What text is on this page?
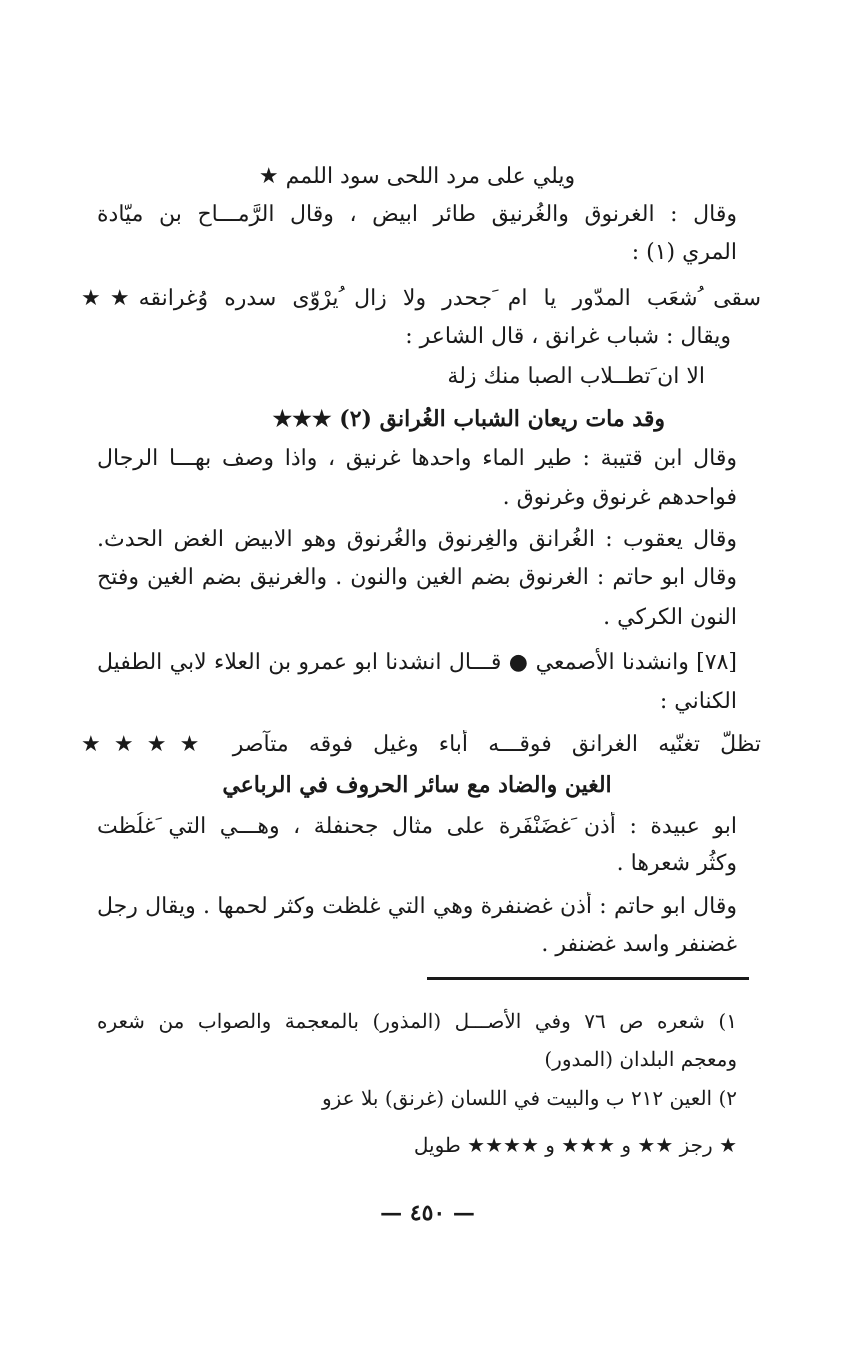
ويلي على مرد اللحى سود اللمم ★
وقال : الغرنوق والغُرنيق طائر ابيض ، وقال الرَّمـــاح بن ميّادة
المري (١) :
سقى ُشعَب المدّور يا ام َجحدر ولا زال ُيرْوّى سدره وُغرانقه★★
ويقال : شباب غرانق ، قال الشاعر :
الا ان َتطــلاب الصبا منك زلة
وقد مات ريعان الشباب الغُرانق (٢) ★★★
وقال ابن قتيبة : طير الماء واحدها غرنيق ، واذا وصف بهـــا الرجال
فواحدهم غرنوق وغرنوق .
وقال يعقوب : الغُرانق والغِرنوق والغُرنوق وهو الابيض الغض الحدث.
وقال ابو حاتم : الغرنوق بضم الغين والنون . والغرنيق بضم الغين وفتح
النون الكركي .
[٧٨] وانشدنا الأصمعي ● قـــال انشدنا ابو عمرو بن العلاء لابي الطفيل
الكناني :
تظلّ تغنّيه الغرانق فوقـــه أباء وغيل فوقه متآصر ★★★★
الغين والضاد مع سائر الحروف في الرباعي
ابو عبيدة : أذن َغضَنْفَرة على مثال جحنفلة ، وهـــي التي َغلُظت
وكثُر شعرها .
وقال ابو حاتم : أذن غضنفرة وهي التي غلظت وكثر لحمها . ويقال رجل
غضنفر واسد غضنفر .
١) شعره ص ٧٦ وفي الأصـــل (المذور) بالمعجمة والصواب من شعره
ومعجم البلدان (المدور)
٢) العين ٢١٢ ب والبيت في اللسان (غرنق) بلا عزو
★ رجز ★★ و ★★★ و ★★★★ طويل
— ٤٥٠ —
